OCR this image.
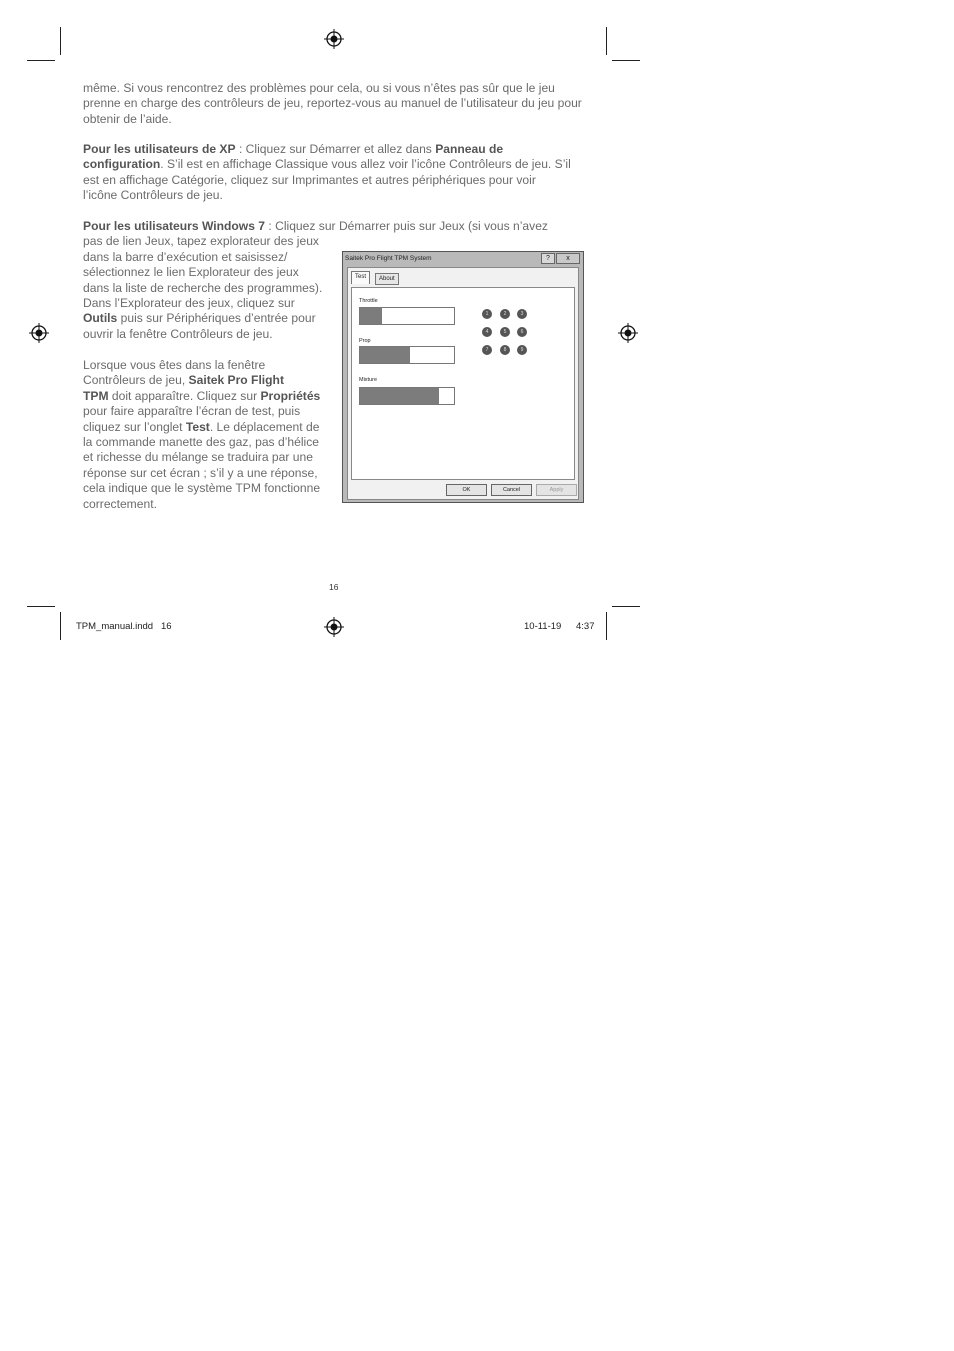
même. Si vous rencontrez des problèmes pour cela, ou si vous n’êtes pas sûr que le jeu prenne en charge des contrôleurs de jeu, reportez-vous au manuel de l’utilisateur du jeu pour obtenir de l’aide.

Pour les utilisateurs de XP : Cliquez sur Démarrer et allez dans Panneau de configuration. S’il est en affichage Classique vous allez voir l’icône Contrôleurs de jeu. S’il est en affichage Catégorie, cliquez sur Imprimantes et autres périphériques pour voir l’icône Contrôleurs de jeu.

Pour les utilisateurs Windows 7 : Cliquez sur Démarrer puis sur Jeux (si vous n’avez
pas de lien Jeux, tapez explorateur des jeux
dans la barre d’exécution et saisissez/
sélectionnez le lien Explorateur des jeux
dans la liste de recherche des programmes).
Dans l’Explorateur des jeux, cliquez sur
Outils puis sur Périphériques d’entrée pour
ouvrir la fenêtre Contrôleurs de jeu.
Lorsque vous êtes dans la fenêtre
Contrôleurs de jeu, Saitek Pro Flight
TPM doit apparaître. Cliquez sur Propriétés
pour faire apparaître l’écran de test, puis
cliquez sur l’onglet Test. Le déplacement de
la commande manette des gaz, pas d’hélice
et richesse du mélange se traduira par une
réponse sur cet écran ; s’il y a une réponse,
cela indique que le système TPM fonctionne
correctement.
Saitek Pro Flight TPM System	?	x
Test	About
Throttle
Prop
Mixture
1	2	3
4	5	6
7	8	9
OK	Cancel	Apply
16
TPM_manual.indd   16	10-11-19 4:37
